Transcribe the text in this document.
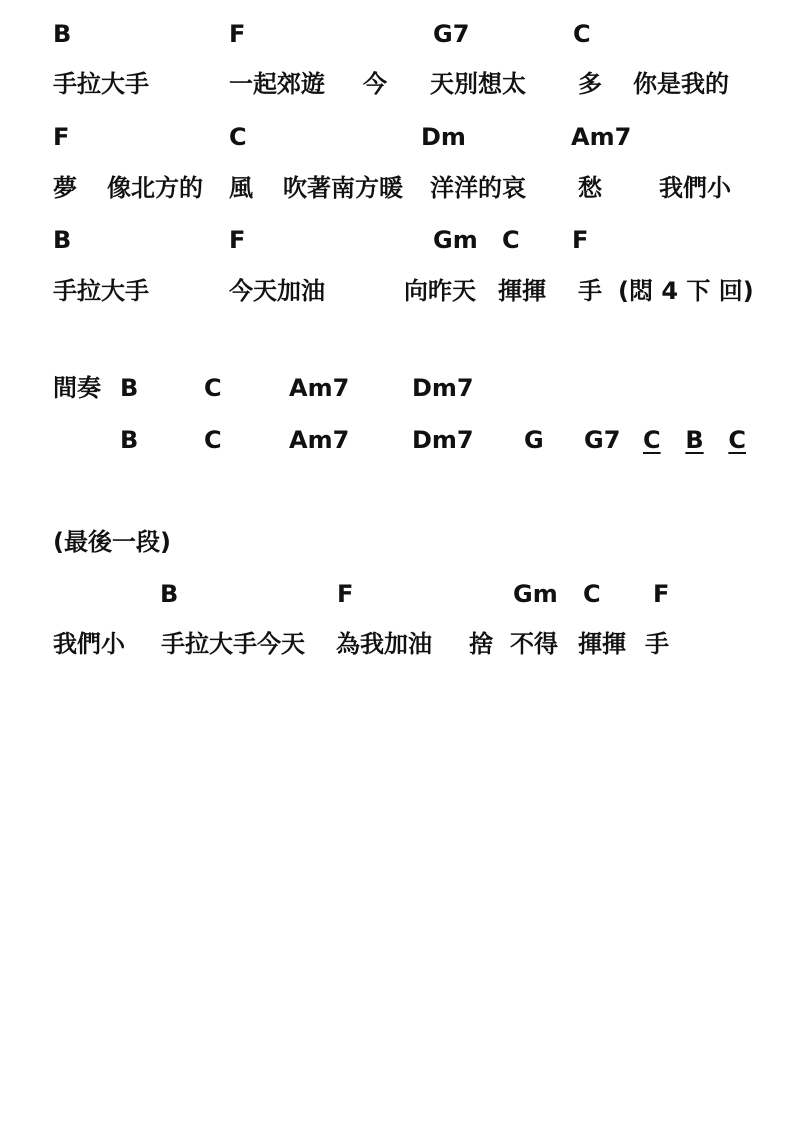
B	F	G7	C
手拉大手	一起郊遊 今 天別想太 多 你是我的
F	C	Dm	Am7
夢 像北方的 風 吹著南方暖 洋洋的哀 愁 我們小
B	F	Gm C F
手拉大手	今天加油	向昨天 揮揮 手 (悶 4 下 回)
間奏 B	C	Am7	Dm7
B	C	Am7	Dm7 G G7 C B C
(最後一段)
B	F	Gm C F
我們小 手拉大手今天 為我加油 捨 不得 揮揮 手
